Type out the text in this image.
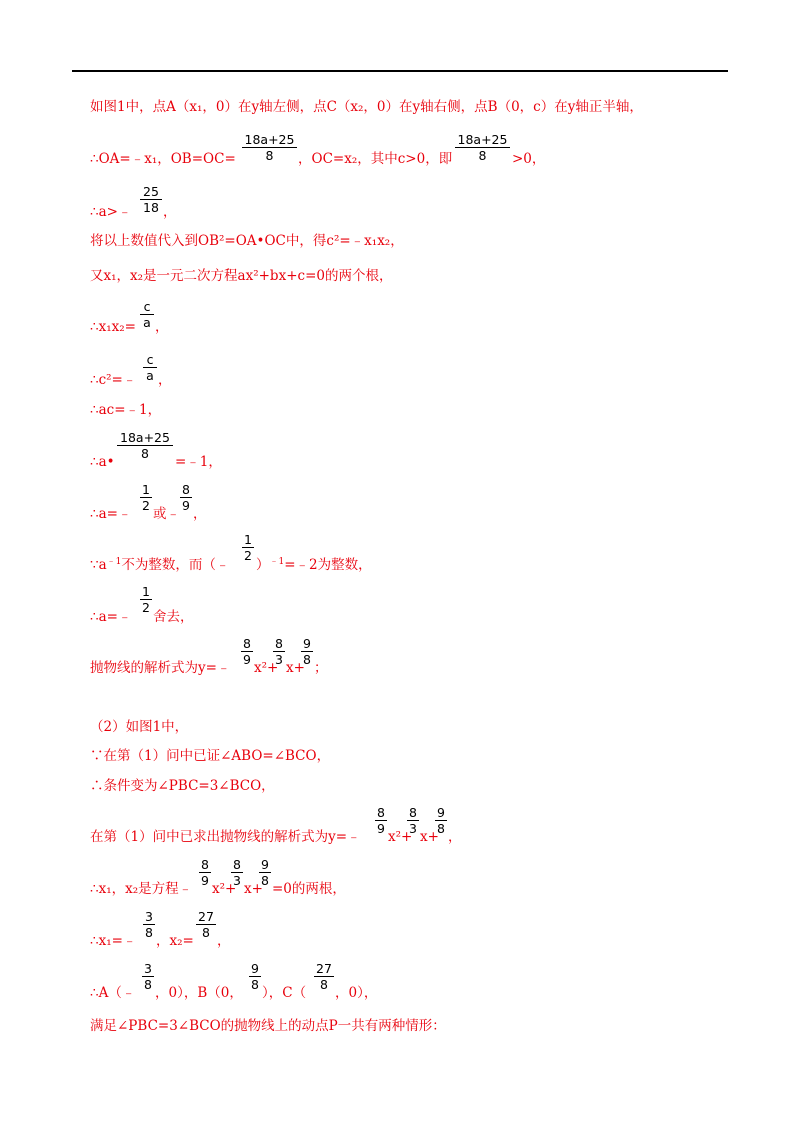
如图1中，点A（x₁，0）在y轴左侧，点C（x₂，0）在y轴右侧，点B（0，c）在y轴正半轴，
∴OA=﹣x₁，OB=OC=
18a+25
8	，OC=x₂，其中c>0，即
18a+25
8	>0，
∴a>﹣
25
18 ，
将以上数值代入到OB²=OA•OC中，得c²=﹣x₁x₂，
又x₁，x₂是一元二次方程ax²+bx+c=0的两个根，
∴x₁x₂=
c
a ，
∴c²=﹣
c
a ，
∴ac=﹣1，
∴a•
18a+25
8
=﹣1，
∴a=﹣
1
2
或﹣
8
9
，
$\because a^{﹣1}$不为整数，而（﹣
1
2
）$^{﹣1}$=﹣2为整数，
∴a=﹣
1
2
舍去，
抛物线的解析式为y=﹣
8
9
x²+
8
3
x+
9
8
；
（2）如图1中，
∵在第（1）问中已证∠ABO=∠BCO，
∴条件变为∠PBC=3∠BCO，
在第（1）问中已求出抛物线的解析式为y=﹣
8
9
x²+
8
3
x+
9
8
，
∴x₁，x₂是方程﹣
8
9
x²+
8
3
x+
9
8
=0的两根，
∴x₁=﹣
3
8
，x₂=
27
8
，
∴A（﹣
3
8
，0），B（0，
9
8
），C（
27
8
，0），
满足∠PBC=3∠BCO的抛物线上的动点P一共有两种情形：
